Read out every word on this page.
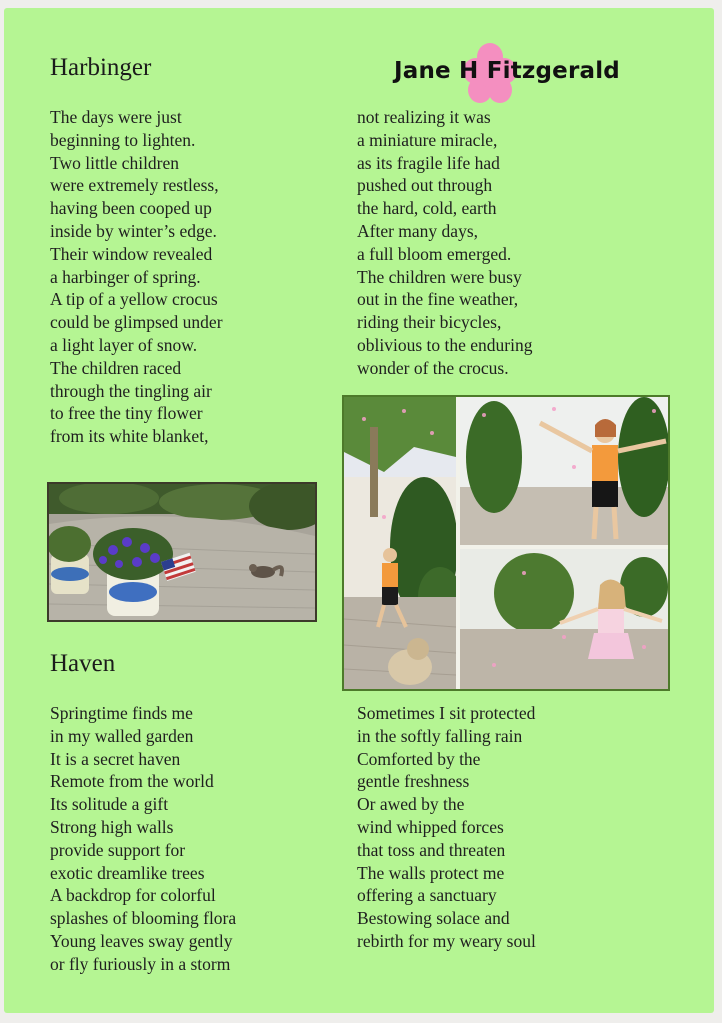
Harbinger	Jane H Fitzgerald
The days were just
beginning to lighten.
Two little children
were extremely restless,
having been cooped up
inside by winter’s edge.
Their window revealed
a harbinger of spring.
A tip of a yellow crocus
could be glimpsed under
a light layer of snow.
The children raced
through the tingling air
to free the tiny flower
from its white blanket,
not realizing it was
a miniature miracle,
as its fragile life had
pushed out through
the hard, cold, earth
After many days,
a full bloom emerged.
The children were busy
out in the fine weather,
riding their bicycles,
oblivious to the enduring
wonder of the crocus.
Haven
Springtime finds me
in my walled garden
It is a secret haven
Remote from the world
Its solitude a gift
Strong high walls
provide support for
exotic dreamlike trees
A backdrop for colorful
splashes of blooming flora
Young leaves sway gently
or fly furiously in a storm
Sometimes I sit protected
in the softly falling rain
Comforted by the
gentle freshness
Or awed by the
wind whipped forces
that toss and threaten
The walls protect me
offering a sanctuary
Bestowing solace and
rebirth for my weary soul
